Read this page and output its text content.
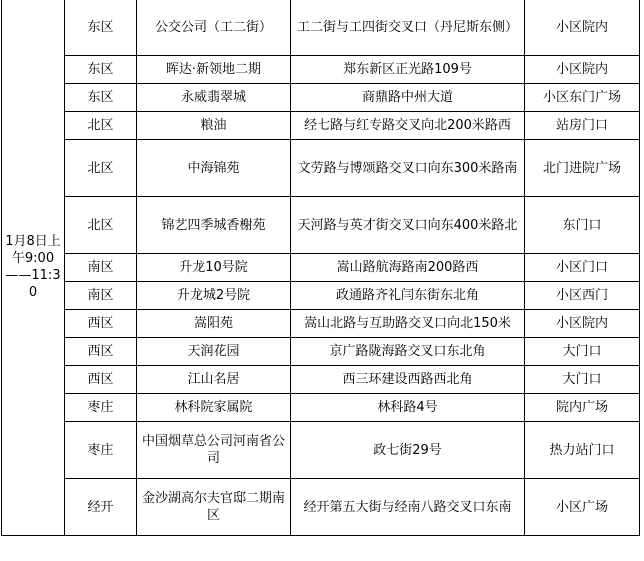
1月8日上午9:00——11:30	东区	公交公司（工二街）	工二街与工四街交叉口（丹尼斯东侧）	小区院内
	东区	晖达·新领地二期	郑东新区正光路109号	小区院内
	东区	永威翡翠城	商鼎路中州大道	小区东门广场
	北区	粮油	经七路与红专路交叉向北200米路西	站房门口
	北区	中海锦苑	文劳路与博颂路交叉口向东300米路南	北门进院广场
	北区	锦艺四季城香榭苑	天河路与英才街交叉口向东400米路北	东门口
	南区	升龙10号院	嵩山路航海路南200路西	小区门口
	南区	升龙城2号院	政通路齐礼闫东街东北角	小区西门
	西区	嵩阳苑	嵩山北路与互助路交叉口向北150米	小区院内
	西区	天润花园	京广路陇海路交叉口东北角	大门口
	西区	江山名居	西三环建设西路西北角	大门口
	枣庄	林科院家属院	林科路4号	院内广场
	枣庄	中国烟草总公司河南省公司	政七街29号	热力站门口
	经开	金沙湖高尔夫官邸二期南区	经开第五大街与经南八路交叉口东南	小区广场
